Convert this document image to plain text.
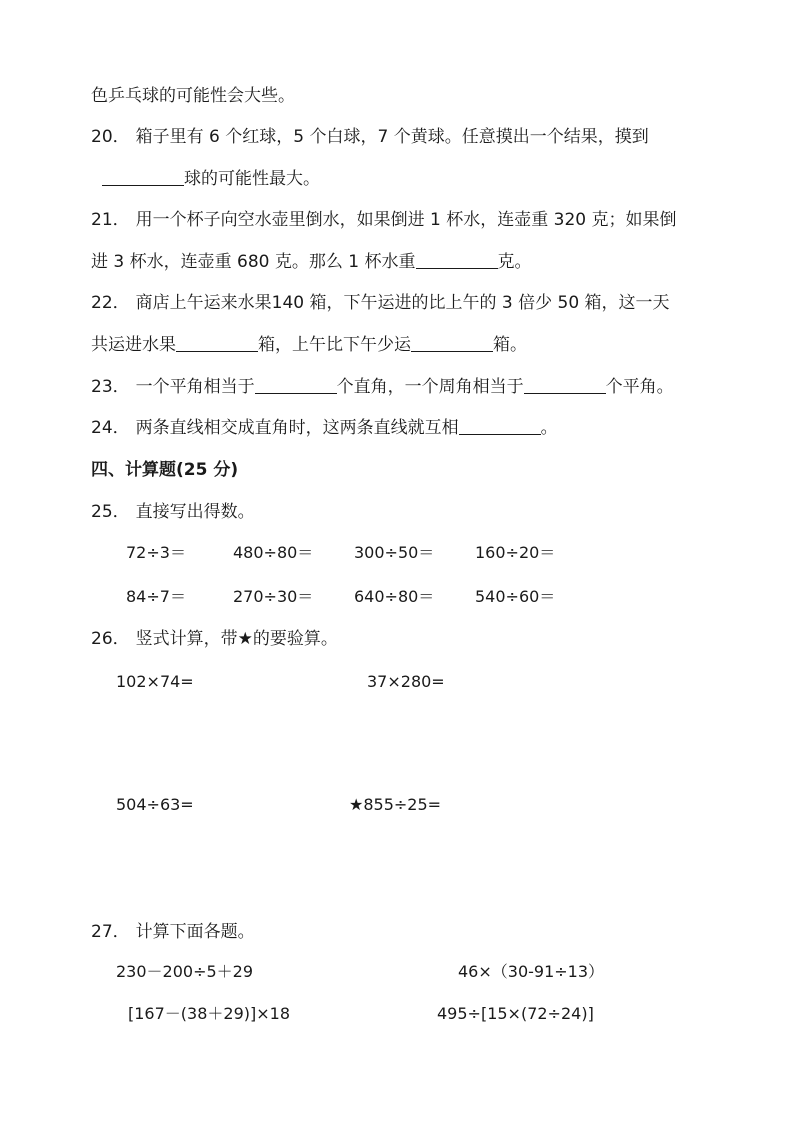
色乒乓球的可能性会大些。
20． 箱子里有 6 个红球，5 个白球，7 个黄球。任意摸出一个结果，摸到
球的可能性最大。
21． 用一个杯子向空水壶里倒水，如果倒进 1 杯水，连壶重 320 克；如果倒
进 3 杯水，连壶重 680 克。那么 1 杯水重	克。
22． 商店上午运来水果140 箱，下午运进的比上午的 3 倍少 50 箱，这一天
共运进水果	箱，上午比下午少运	箱。
23． 一个平角相当于	个直角，一个周角相当于	个平角。
24． 两条直线相交成直角时，这两条直线就互相	。
四、计算题(25 分)
25． 直接写出得数。
72÷3＝	480÷80＝	300÷50＝	160÷20＝
84÷7＝	270÷30＝	640÷80＝	540÷60＝
26． 竖式计算，带★的要验算。
102×74=	37×280=
504÷63=	★855÷25=
27． 计算下面各题。
230－200÷5＋29	46×（30-91÷13）
[167－(38＋29)]×18	495÷[15×(72÷24)]
